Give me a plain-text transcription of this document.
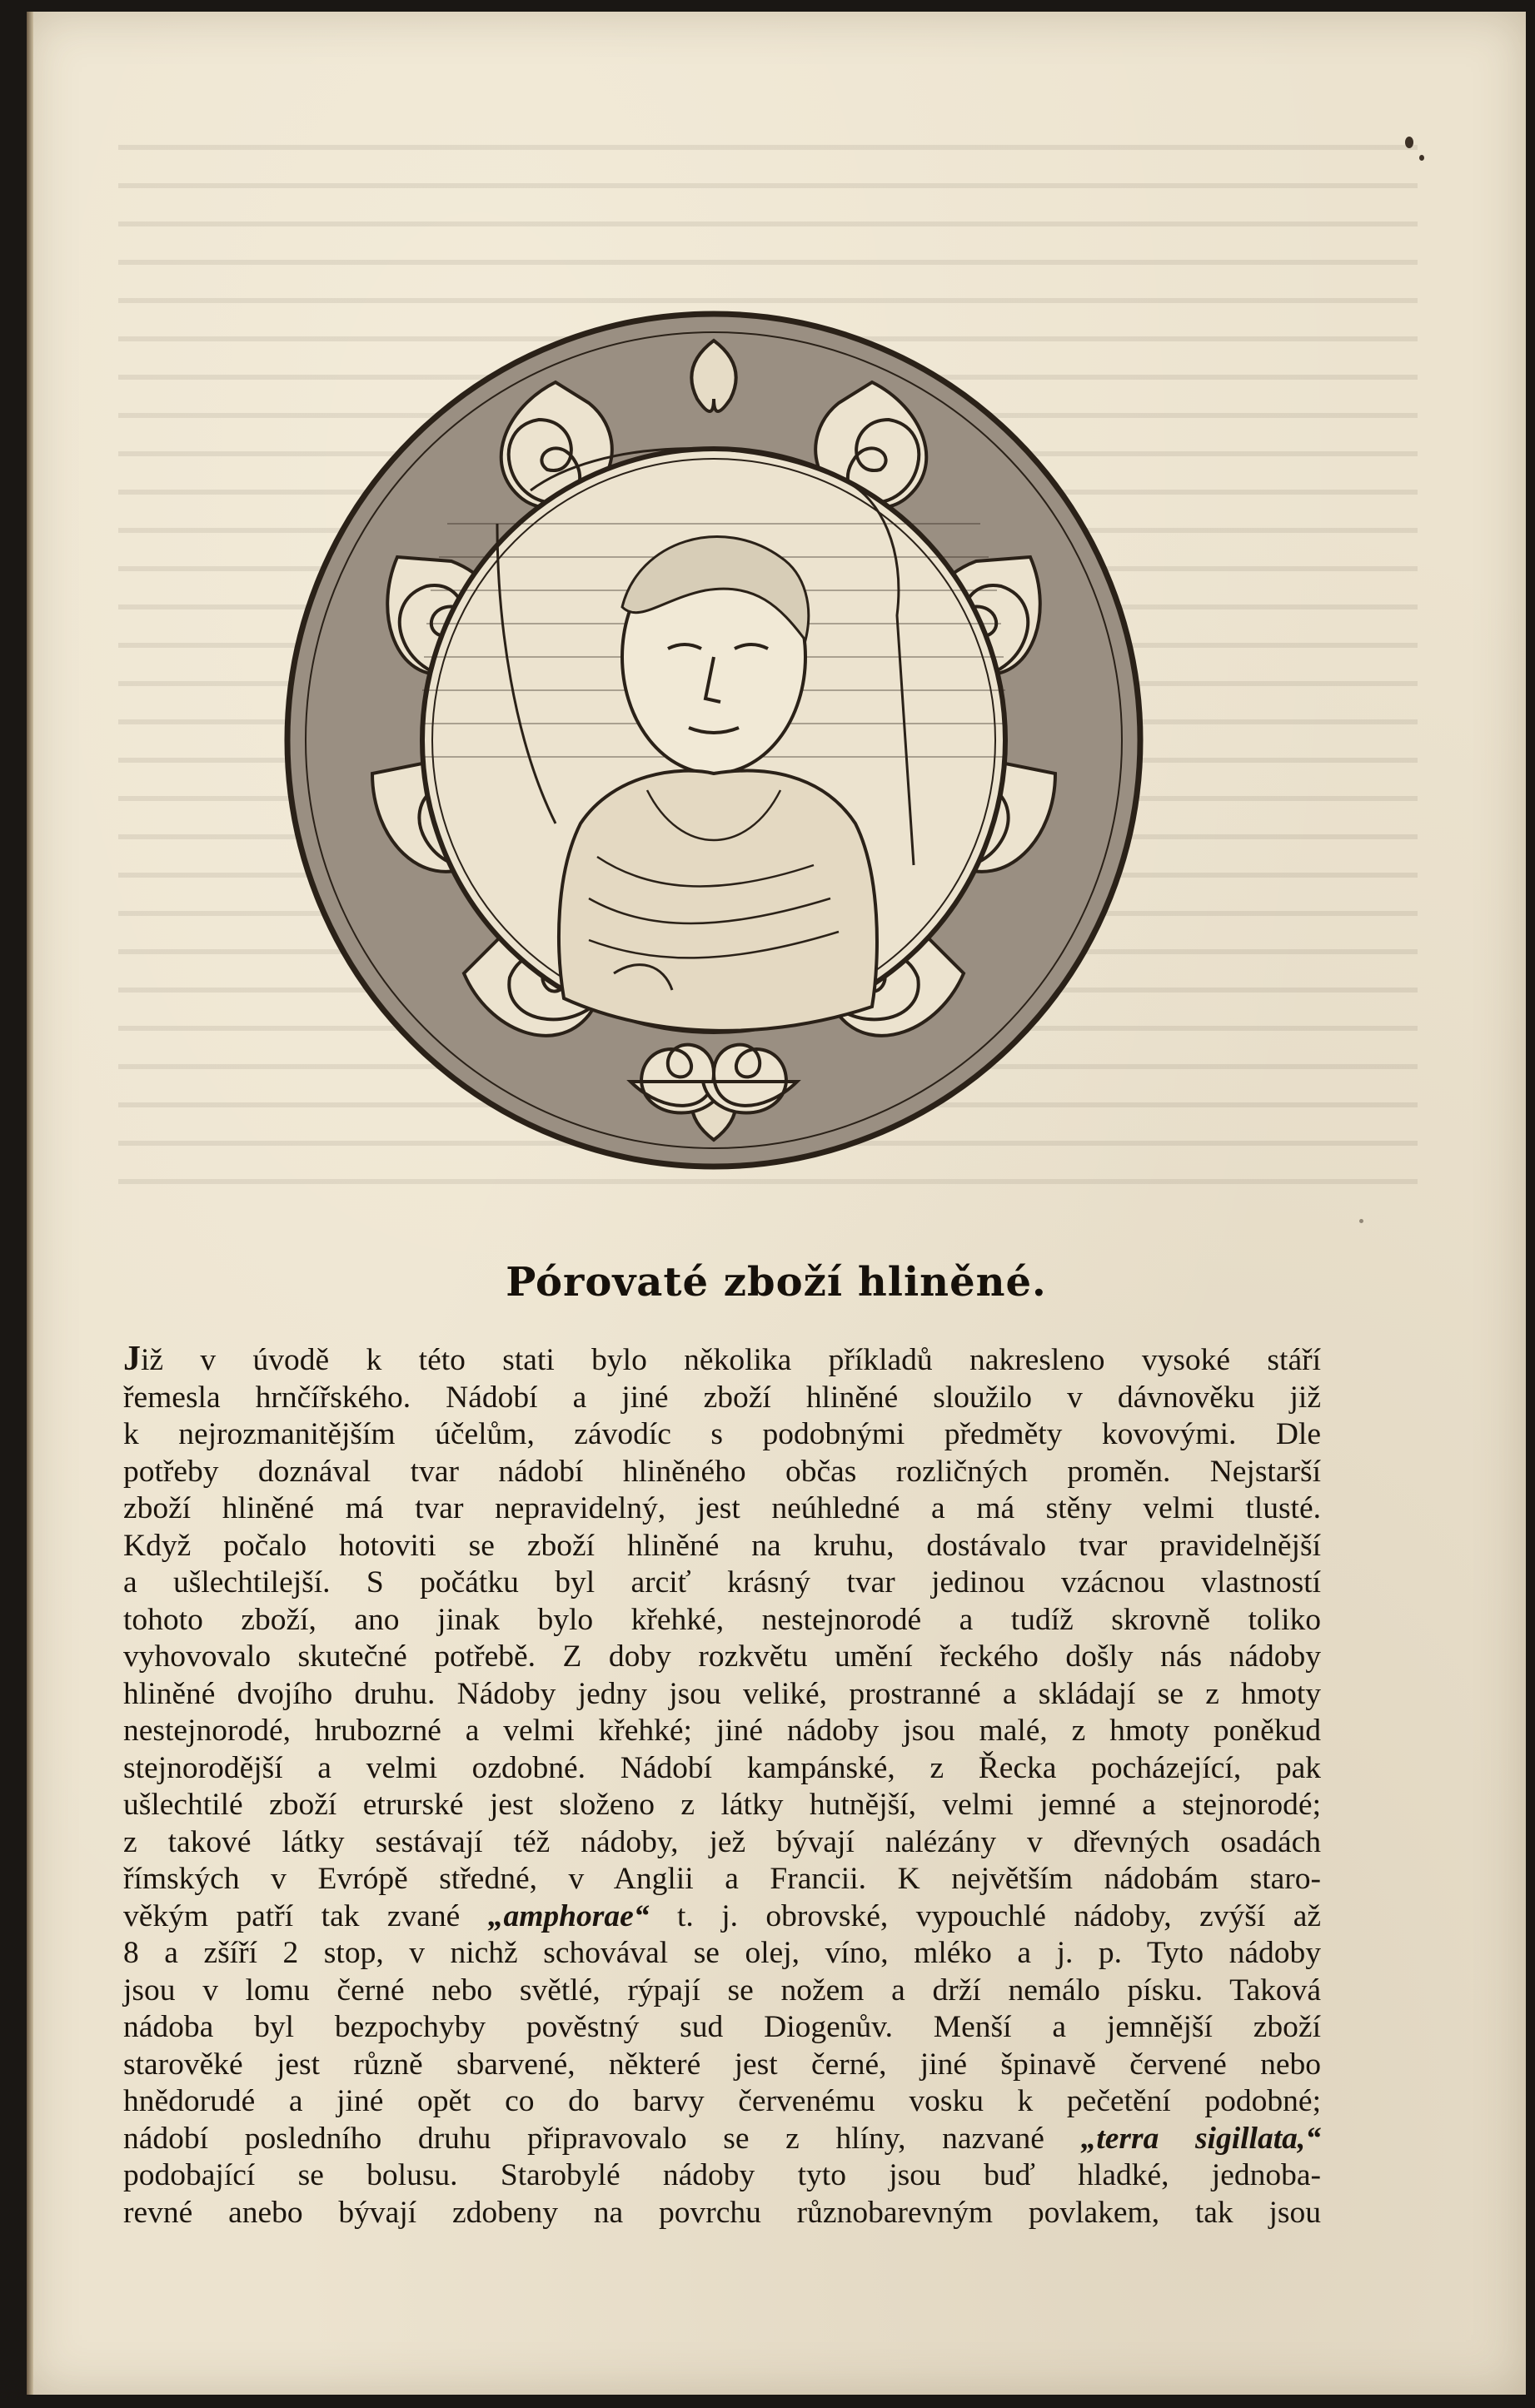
Pórovaté zboží hliněné.
Již v úvodě k této stati bylo několika příkladů nakresleno vysoké stáří
řemesla hrnčířského. Nádobí a jiné zboží hliněné sloužilo v dávnověku již
k nejrozmanitějším účelům, závodíc s podobnými předměty kovovými. Dle
potřeby doznával tvar nádobí hliněného občas rozličných proměn. Nejstarší
zboží hliněné má tvar nepravidelný, jest neúhledné a má stěny velmi tlusté.
Když počalo hotoviti se zboží hliněné na kruhu, dostávalo tvar pravidelnější
a ušlechtilejší. S počátku byl arciť krásný tvar jedinou vzácnou vlastností
tohoto zboží, ano jinak bylo křehké, nestejnorodé a tudíž skrovně toliko
vyhovovalo skutečné potřebě. Z doby rozkvětu umění řeckého došly nás nádoby
hliněné dvojího druhu. Nádoby jedny jsou veliké, prostranné a skládají se z hmoty
nestejnorodé, hrubozrné a velmi křehké; jiné nádoby jsou malé, z hmoty poněkud
stejnorodější a velmi ozdobné. Nádobí kampánské, z Řecka pocházející, pak
ušlechtilé zboží etrurské jest složeno z látky hutnější, velmi jemné a stejnorodé;
z takové látky sestávají též nádoby, jež bývají nalézány v dřevných osadách
římských v Evrópě středné, v Anglii a Francii. K největším nádobám staro-
věkým patří tak zvané „amphorae“ t. j. obrovské, vypouchlé nádoby, zvýší až
8 a zšíří 2 stop, v nichž schovával se olej, víno, mléko a j. p. Tyto nádoby
jsou v lomu černé nebo světlé, rýpají se nožem a drží nemálo písku. Taková
nádoba byl bezpochyby pověstný sud Diogenův. Menší a jemnější zboží
starověké jest různě sbarvené, některé jest černé, jiné špinavě červené nebo
hnědorudé a jiné opět co do barvy červenému vosku k pečetění podobné;
nádobí posledního druhu připravovalo se z hlíny, nazvané „terra sigillata,“
podobající se bolusu. Starobylé nádoby tyto jsou buď hladké, jednoba-
revné anebo bývají zdobeny na povrchu různobarevným povlakem, tak jsou
